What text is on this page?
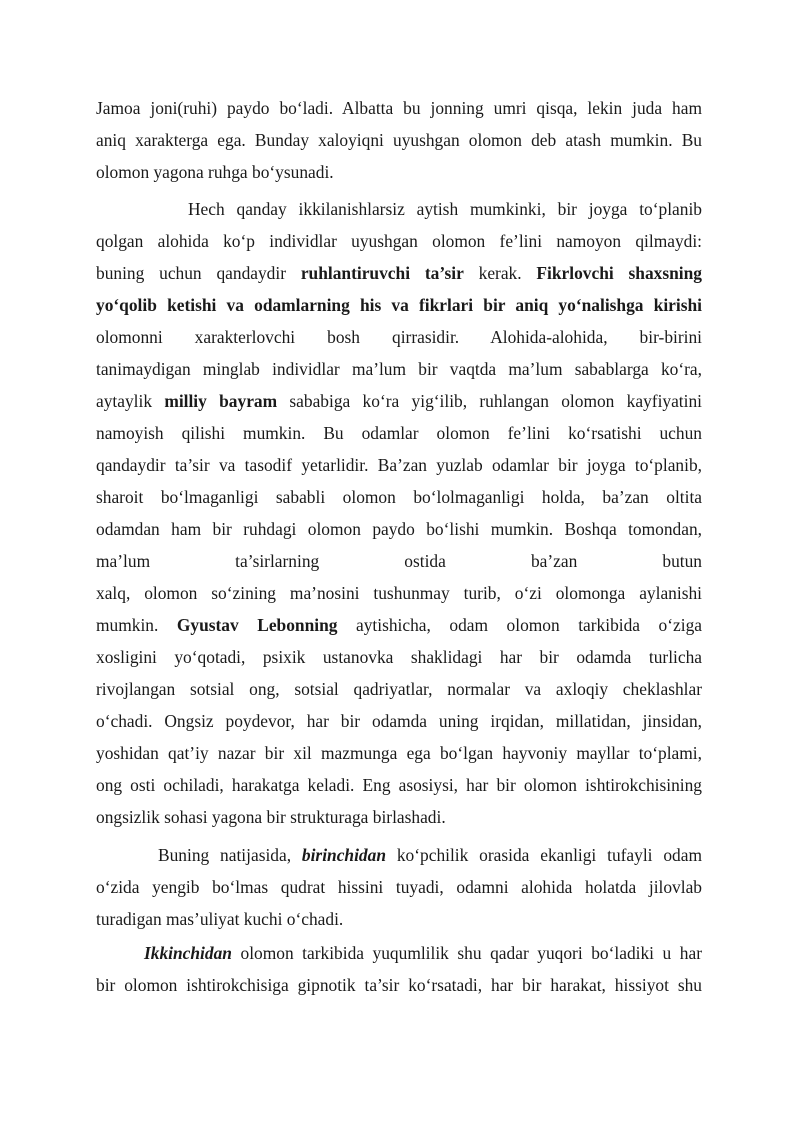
Jamoa joni(ruhi) paydo bo‘ladi. Albatta bu jonning umri qisqa, lekin juda ham
aniq xarakterga ega. Bunday xaloyiqni uyushgan olomon deb atash mumkin. Bu
olomon yagona ruhga bo‘ysunadi.
Hech qanday ikkilanishlarsiz aytish mumkinki, bir joyga to‘planib
qolgan alohida ko‘p individlar uyushgan olomon fe’lini namoyon qilmaydi:
buning uchun qandaydir ruhlantiruvchi ta’sir kerak. Fikrlovchi shaxsning
yo‘qolib ketishi va odamlarning his va fikrlari bir aniq yo‘nalishga kirishi
olomonni xarakterlovchi bosh qirrasidir. Alohida-alohida, bir-birini
tanimaydigan minglab individlar ma’lum bir vaqtda ma’lum sabablarga ko‘ra,
aytaylik milliy bayram sababiga ko‘ra yig‘ilib, ruhlangan olomon kayfiyatini
namoyish qilishi mumkin. Bu odamlar olomon fe’lini ko‘rsatishi uchun
qandaydir ta’sir va tasodif yetarlidir. Ba’zan yuzlab odamlar bir joyga to‘planib,
sharoit bo‘lmaganligi sababli olomon bo‘lolmaganligi holda, ba’zan oltita
odamdan ham bir ruhdagi olomon paydo bo‘lishi mumkin. Boshqa tomondan,
ma’lum ta’sirlarning ostida ba’zan butun
xalq, olomon so‘zining ma’nosini tushunmay turib, o‘zi olomonga aylanishi
mumkin. Gyustav Lebonning aytishicha, odam olomon tarkibida o‘ziga
xosligini yo‘qotadi, psixik ustanovka shaklidagi har bir odamda turlicha
rivojlangan sotsial ong, sotsial qadriyatlar, normalar va axloqiy cheklashlar
o‘chadi. Ongsiz poydevor, har bir odamda uning irqidan, millatidan, jinsidan,
yoshidan qat’iy nazar bir xil mazmunga ega bo‘lgan hayvoniy mayllar to‘plami,
ong osti ochiladi, harakatga keladi. Eng asosiysi, har bir olomon ishtirokchisining
ongsizlik sohasi yagona bir strukturaga birlashadi.
Buning natijasida, birinchidan ko‘pchilik orasida ekanligi tufayli odam
o‘zida yengib bo‘lmas qudrat hissini tuyadi, odamni alohida holatda jilovlab
turadigan mas’uliyat kuchi o‘chadi.
Ikkinchidan olomon tarkibida yuqumlilik shu qadar yuqori bo‘ladiki u har
bir olomon ishtirokchisiga gipnotik ta’sir ko‘rsatadi, har bir harakat, hissiyot shu
